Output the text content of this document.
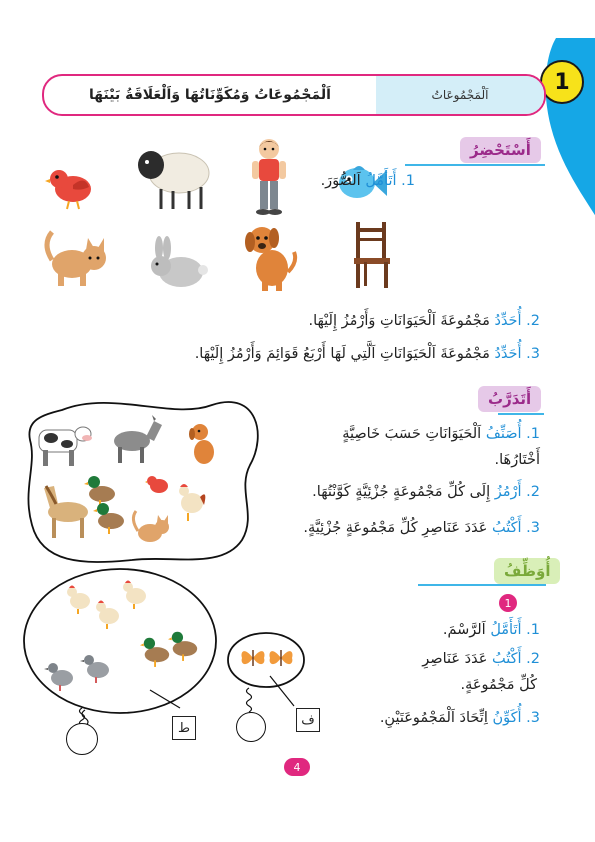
1
اَلْمَجْمُوعَاتُ
اَلْمَجْمُوعَاتُ وَمُكَوِّنَاتُهَا وَاَلْعَلَاقَةُ بَيْنَهَا
أَسْتَحْضِرُ
1. أَتَأَمَّلُ اَلصُّوَرَ.
2. أُحَدِّدُ مَجْمُوعَةَ اَلْحَيَوَانَاتِ وَأَرْمُزُ إِلَيْهَا.
3. أُحَدِّدُ مَجْمُوعَةَ اَلْحَيَوَانَاتِ اَلَّتِي لَهَا أَرْبَعُ قَوَائِمَ وَأَرْمُزُ إِلَيْهَا.
أَتَدَرَّبُ
1. أُصَنِّفُ اَلْحَيَوَانَاتِ حَسَبَ خَاصِيَّةٍ
أَخْتَارُهَا.
2. أَرْمُزُ إِلَى كُلِّ مَجْمُوعَةٍ جُزْئِيَّةٍ كَوَّنْتُهَا.
3. أَكْتُبُ عَدَدَ عَنَاصِرِ كُلِّ مَجْمُوعَةٍ جُزْئِيَّةٍ.
أُوَظِّفُ
1
ط
ف
1. أَتَأَمَّلُ اَلرَّسْمَ.
2. أَكْتُبُ عَدَدَ عَنَاصِرِ
كُلِّ مَجْمُوعَةٍ.
3. أُكَوِّنُ اِتِّحَادَ اَلْمَجْمُوعَتَيْنِ.
4
